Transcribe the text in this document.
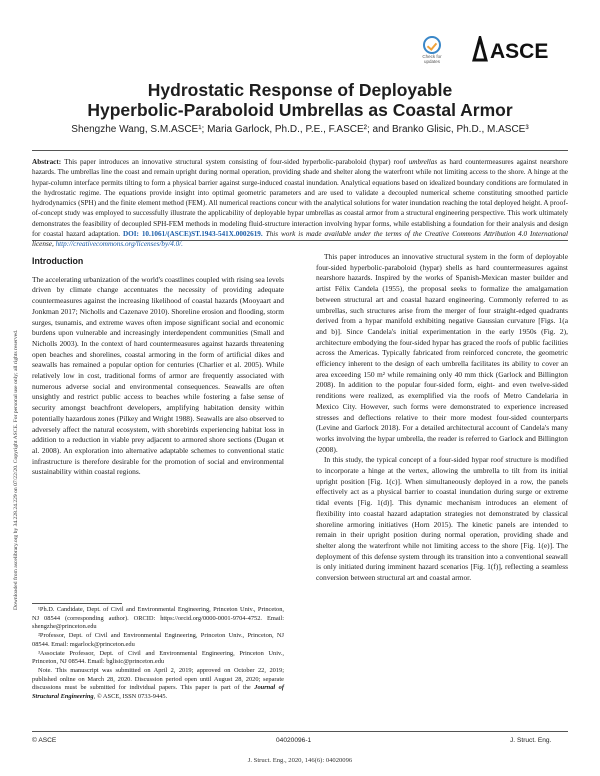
Downloaded from ascelibrary.org by 34.228.24.229 on 07/22/20. Copyright ASCE. For personal use only; all rights reserved.
Check for
updates ASCE
Hydrostatic Response of Deployable
Hyperbolic-Paraboloid Umbrellas as Coastal Armor
Shengzhe Wang, S.M.ASCE¹; Maria Garlock, Ph.D., P.E., F.ASCE²; and Branko Glisic, Ph.D., M.ASCE³
Abstract: This paper introduces an innovative structural system consisting of four-sided hyperbolic-paraboloid (hypar) roof umbrellas as hard countermeasures against nearshore hazards. The umbrellas line the coast and remain upright during normal operation, providing shade and shelter along the waterfront while not limiting access to the shore. A hinge at the hypar-column interface permits tilting to form a physical barrier against surge-induced coastal inundation. Analytical equations based on idealized boundary conditions are formulated in the hydrostatic regime. The equations provide insight into optimal geometric parameters and are used to validate a decoupled numerical scheme constituting smoothed particle hydrodynamics (SPH) and the finite element method (FEM). All numerical reactions concur with the analytical solutions for water inundation reaching the total deployed height. A proof-of-concept study was employed to successfully illustrate the applicability of deployable hypar umbrellas as coastal armor from a structural engineering perspective. This work ultimately demonstrates the feasibility of decoupled SPH-FEM methods in modeling fluid-structure interaction involving hypar forms, while establishing a foundation for their analysis and design for coastal hazard adaptation. DOI: 10.1061/(ASCE)ST.1943-541X.0002619. This work is made available under the terms of the Creative Commons Attribution 4.0 International license, http://creativecommons.org/licenses/by/4.0/.
Introduction

The accelerating urbanization of the world's coastlines coupled with rising sea levels driven by climate change accentuates the necessity of providing adequate countermeasures against the increasing likelihood of coastal hazards (Mooyaart and Jonkman 2017; Nicholls and Cazenave 2010). Shoreline erosion and flooding, storm surges, tsunamis, and extreme waves often impose significant social and economic burdens upon vulnerable and increasingly interdependent communities (Small and Nicholls 2003). In the context of hard countermeasures against hazards threatening open beaches and shorelines, coastal armoring in the form of artificial dikes and seawalls has remained a popular option for centuries (Charlier et al. 2005). While relatively low in cost, traditional forms of armor are frequently associated with numerous adverse social and environmental consequences. Seawalls are often unsightly and restrict public access to beaches while fostering a false sense of security amongst beachfront developers, amplifying habitation density within potentially hazardous zones (Pilkey and Wright 1988). Seawalls are also observed to adversely affect the natural ecosystem, with shorebirds experiencing habitat loss in addition to a reduction in viable prey adjacent to armored shore sections (Dugan et al. 2008). An exploration into alternative adaptable schemes to conventional static infrastructure is therefore desirable for the promotion of social and environmental sustainability within coastal regions.

¹Ph.D. Candidate, Dept. of Civil and Environmental Engineering, Princeton Univ., Princeton, NJ 08544 (corresponding author). ORCID: https://orcid.org/0000-0001-9704-4752. Email: shengzhe@princeton.edu

²Professor, Dept. of Civil and Environmental Engineering, Princeton Univ., Princeton, NJ 08544. Email: mgarlock@princeton.edu

³Associate Professor, Dept. of Civil and Environmental Engineering, Princeton Univ., Princeton, NJ 08544. Email: bglisic@princeton.edu

Note. This manuscript was submitted on April 2, 2019; approved on October 22, 2019; published online on March 28, 2020. Discussion period open until August 28, 2020; separate discussions must be submitted for individual papers. This paper is part of the Journal of Structural Engineering, © ASCE, ISSN 0733-9445.

This paper introduces an innovative structural system in the form of deployable four-sided hyperbolic-paraboloid (hypar) shells as hard countermeasures against nearshore hazards. Inspired by the works of Spanish-Mexican master builder and artist Félix Candela (1955), the proposal seeks to formalize the amalgamation between structural art and coastal hazard engineering. Commonly referred to as umbrellas, such structures arise from the merger of four straight-edged quadrants derived from a hypar manifold exhibiting negative Gaussian curvature [Figs. 1(a and b)]. Since Candela's initial experimentation in the early 1950s (Fig. 2), architecture embodying the four-sided hypar has graced the roofs of public facilities across the Americas. Typically fabricated from reinforced concrete, the geometric efficiency inherent to the design of each umbrella facilitates its ability to cover an area exceeding 150 m² while remaining only 40 mm thick (Garlock and Billington 2008). In addition to the popular four-sided form, eight- and even twelve-sided renditions were realized, as exemplified via the roofs of Metro Candelaria in Mexico City. However, such forms were demonstrated to experience increased stresses and deflections relative to their more modest four-sided counterparts (Levine and Garlock 2018). For a detailed architectural account of Candela's many works involving the hypar umbrella, the reader is referred to Garlock and Billington (2008).

In this study, the typical concept of a four-sided hypar roof structure is modified to incorporate a hinge at the vertex, allowing the umbrella to tilt from its initial upright position [Fig. 1(c)]. When simultaneously deployed in a row, the panels effectively act as a physical barrier to coastal inundation during surge or extreme tidal events [Fig. 1(d)]. This dynamic mechanism introduces an element of flexibility into coastal hazard adaptation strategies not demonstrated by classical shoreline armoring initiatives (Horn 2015). The kinetic panels are intended to remain in their upright position during normal operation, providing shade and shelter along the waterfront while not limiting access to the shore [Fig. 1(e)]. The deployment of this defense system through its transition into a conventional seawall is only initiated during imminent hazard scenarios [Fig. 1(f)], reflecting a seamless conversion between structural art and coastal armor.

© ASCE	04020096-1	J. Struct. Eng.
J. Struct. Eng., 2020, 146(6): 04020096
